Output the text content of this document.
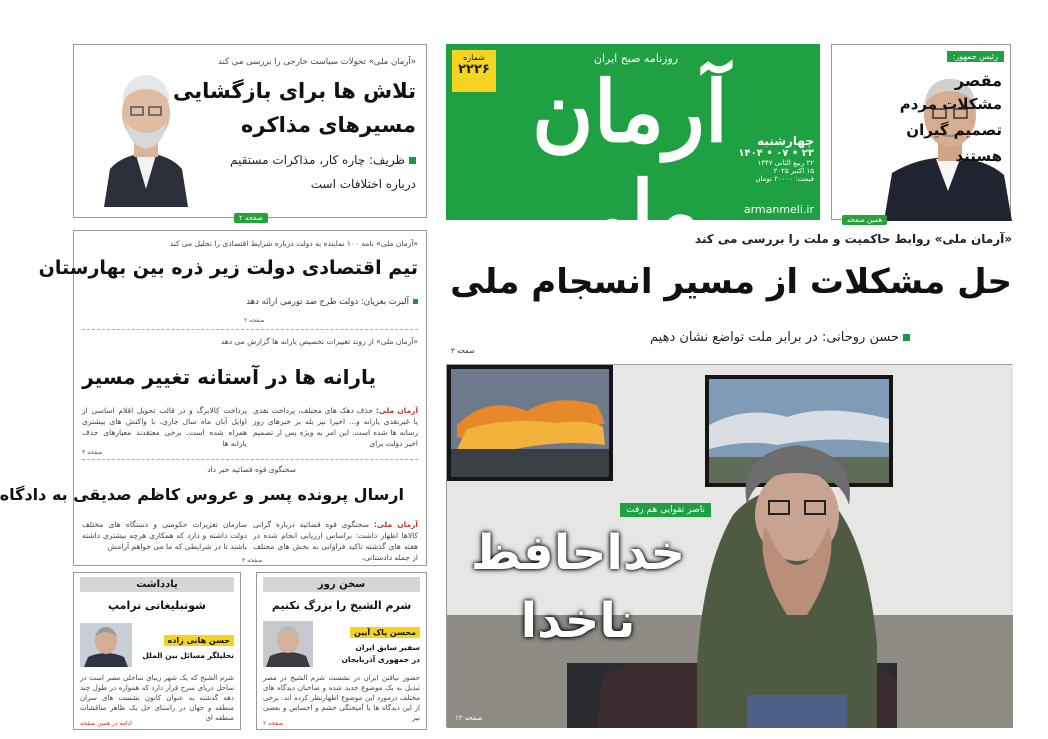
شماره
۲۲۲۶
روزنامه صبح ایران
آرمان ملی
چهارشنبه
۲۳ • ۰۷ • ۱۴۰۴
۲۲ ربیع الثانی ۱۴۴۷
۱۵ اکتبر ۲۰۲۵
قیمت: ۲۰۰۰۰ تومان
armanmeli.ir
«آرمان ملی» تحولات سیاست خارجی را بررسی می کند
تلاش ها برای بازگشایی
مسیرهای مذاکره
ظریف: چاره کار، مذاکرات مستقیم
درباره اختلافات است
صفحه ۲
رئیس جمهور:
مقصر
مشکلات مردم
تصمیم گیران
هستند
همین صفحه
«آرمان ملی» روابط حاکمیت و ملت را بررسی می کند
حل مشکلات از مسیر انسجام ملی
حسن روحانی: در برابر ملت تواضع نشان دهیم
صفحه ۳
ناصر تقوایی هم رفت
خداحافظ
ناخدا
صفحه ۱۲
«آرمان ملی» نامه ۱۰۰ نماینده به دولت درباره شرایط اقتصادی را تحلیل می کند
تیم اقتصادی دولت زیر ذره بین بهارستان
آلبرت بغزیان: دولت طرح ضد تورمی ارائه دهد
صفحه ۲
«آرمان ملی» از روند تغییرات تخصیص یارانه ها گزارش می دهد
یارانه ها در آستانه تغییر مسیر
آرمان ملی: حذف دهک های مختلف، پرداخت نقدی یا غیرنقدی یارانه و... اخیرا نیز بله بر خبرهای روز رسانه ها شده است. این امر به ویژه پس از تصمیم اخیر دولت برای
پرداخت کالابرگ و در قالب تحویل اقلام اساسی از اوایل آبان ماه سال جاری، با واکنش های بیشتری همراه شده است. برخی معتقدند معیارهای حذف یارانه ها
صفحه ۳
سخنگوی قوه قضائیه خبر داد
ارسال پرونده پسر و عروس کاظم صدیقی به دادگاه
آرمان ملی: سخنگوی قوه قضائیه درباره گرانی کالاها اظهار داشت: براساس ارزیابی انجام شده در هفته های گذشته تاکید فراوانی به بخش های مختلف از جمله دادستانی،
سازمان تعزیرات حکومتی و دستگاه های مختلف دولت داشته و دارد که همکاری هرچه بیشتری داشته باشند تا در شرایطی که ما می خواهم آرامش
صفحه ۳
یادداشت
شوتبلیغاتی ترامپ
حسن هانی زاده
تحلیلگر مسائل بین الملل
شرم الشیخ که یک شهر زیبای ساحلی مصر است در ساحل دریای سرخ قرار دارد که همواره در طول چند دهه گذشته به عنوان کانون نشست های سران منطقه و جهان در راستای حل یک ظاهر مناقشات منطقه ای
ادامه در همین صفحه
سخن روز
شرم الشیخ را بزرگ نکنیم
محسن پاک آیین
سفیر سابق ایران
در جمهوری آذربایجان
حضور نیافتن ایران در نشست شرم الشیخ در مصر تبدیل به یک موضوع جدید شده و صاحبان دیدگاه های مختلف درمورد این موضوع اظهارنظر کرده اند. برخی از این دیدگاه ها با آمیختگی خشم و احساس و بعضی نیز
صفحه ۲
